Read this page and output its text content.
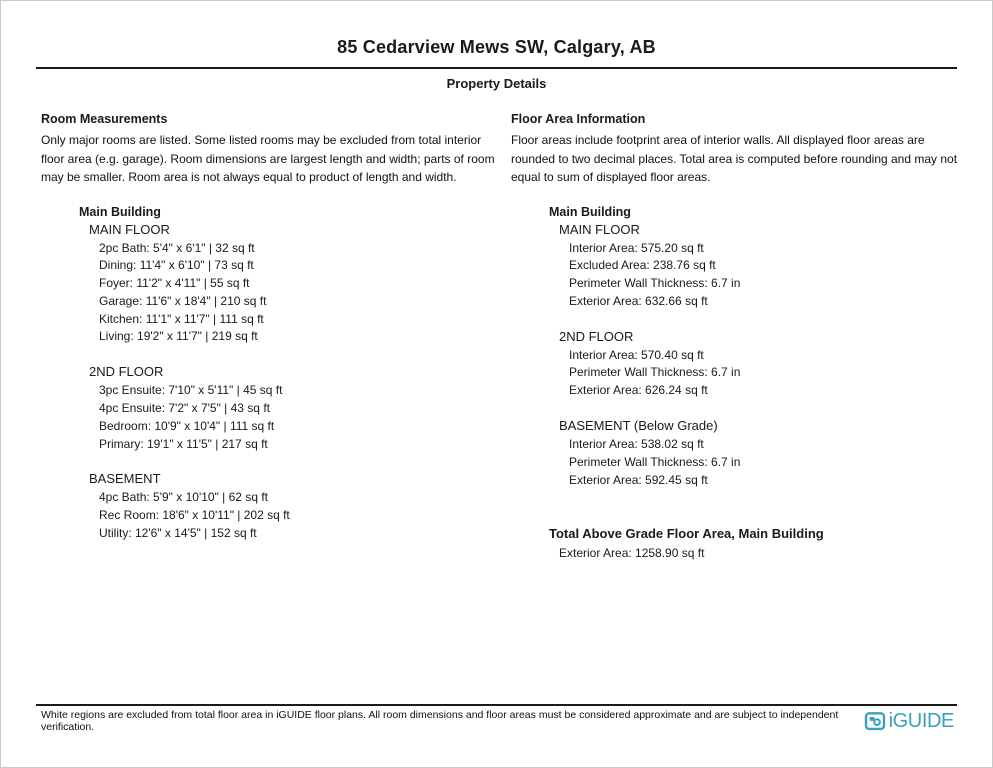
85 Cedarview Mews SW, Calgary, AB
Property Details
Room Measurements
Only major rooms are listed. Some listed rooms may be excluded from total interior floor area (e.g. garage). Room dimensions are largest length and width; parts of room may be smaller. Room area is not always equal to product of length and width.
Main Building
MAIN FLOOR
2pc Bath: 5'4" x 6'1" | 32 sq ft
Dining: 11'4" x 6'10" | 73 sq ft
Foyer: 11'2" x 4'11" | 55 sq ft
Garage: 11'6" x 18'4" | 210 sq ft
Kitchen: 11'1" x 11'7" | 111 sq ft
Living: 19'2" x 11'7" | 219 sq ft
2ND FLOOR
3pc Ensuite: 7'10" x 5'11" | 45 sq ft
4pc Ensuite: 7'2" x 7'5" | 43 sq ft
Bedroom: 10'9" x 10'4" | 111 sq ft
Primary: 19'1" x 11'5" | 217 sq ft
BASEMENT
4pc Bath: 5'9" x 10'10" | 62 sq ft
Rec Room: 18'6" x 10'11" | 202 sq ft
Utility: 12'6" x 14'5" | 152 sq ft
Floor Area Information
Floor areas include footprint area of interior walls. All displayed floor areas are rounded to two decimal places. Total area is computed before rounding and may not equal to sum of displayed floor areas.
Main Building
MAIN FLOOR
Interior Area: 575.20 sq ft
Excluded Area: 238.76 sq ft
Perimeter Wall Thickness: 6.7 in
Exterior Area: 632.66 sq ft
2ND FLOOR
Interior Area: 570.40 sq ft
Perimeter Wall Thickness: 6.7 in
Exterior Area: 626.24 sq ft
BASEMENT (Below Grade)
Interior Area: 538.02 sq ft
Perimeter Wall Thickness: 6.7 in
Exterior Area: 592.45 sq ft
Total Above Grade Floor Area, Main Building
Exterior Area: 1258.90 sq ft
White regions are excluded from total floor area in iGUIDE floor plans. All room dimensions and floor areas must be considered approximate and are subject to independent verification.	iGUIDE
